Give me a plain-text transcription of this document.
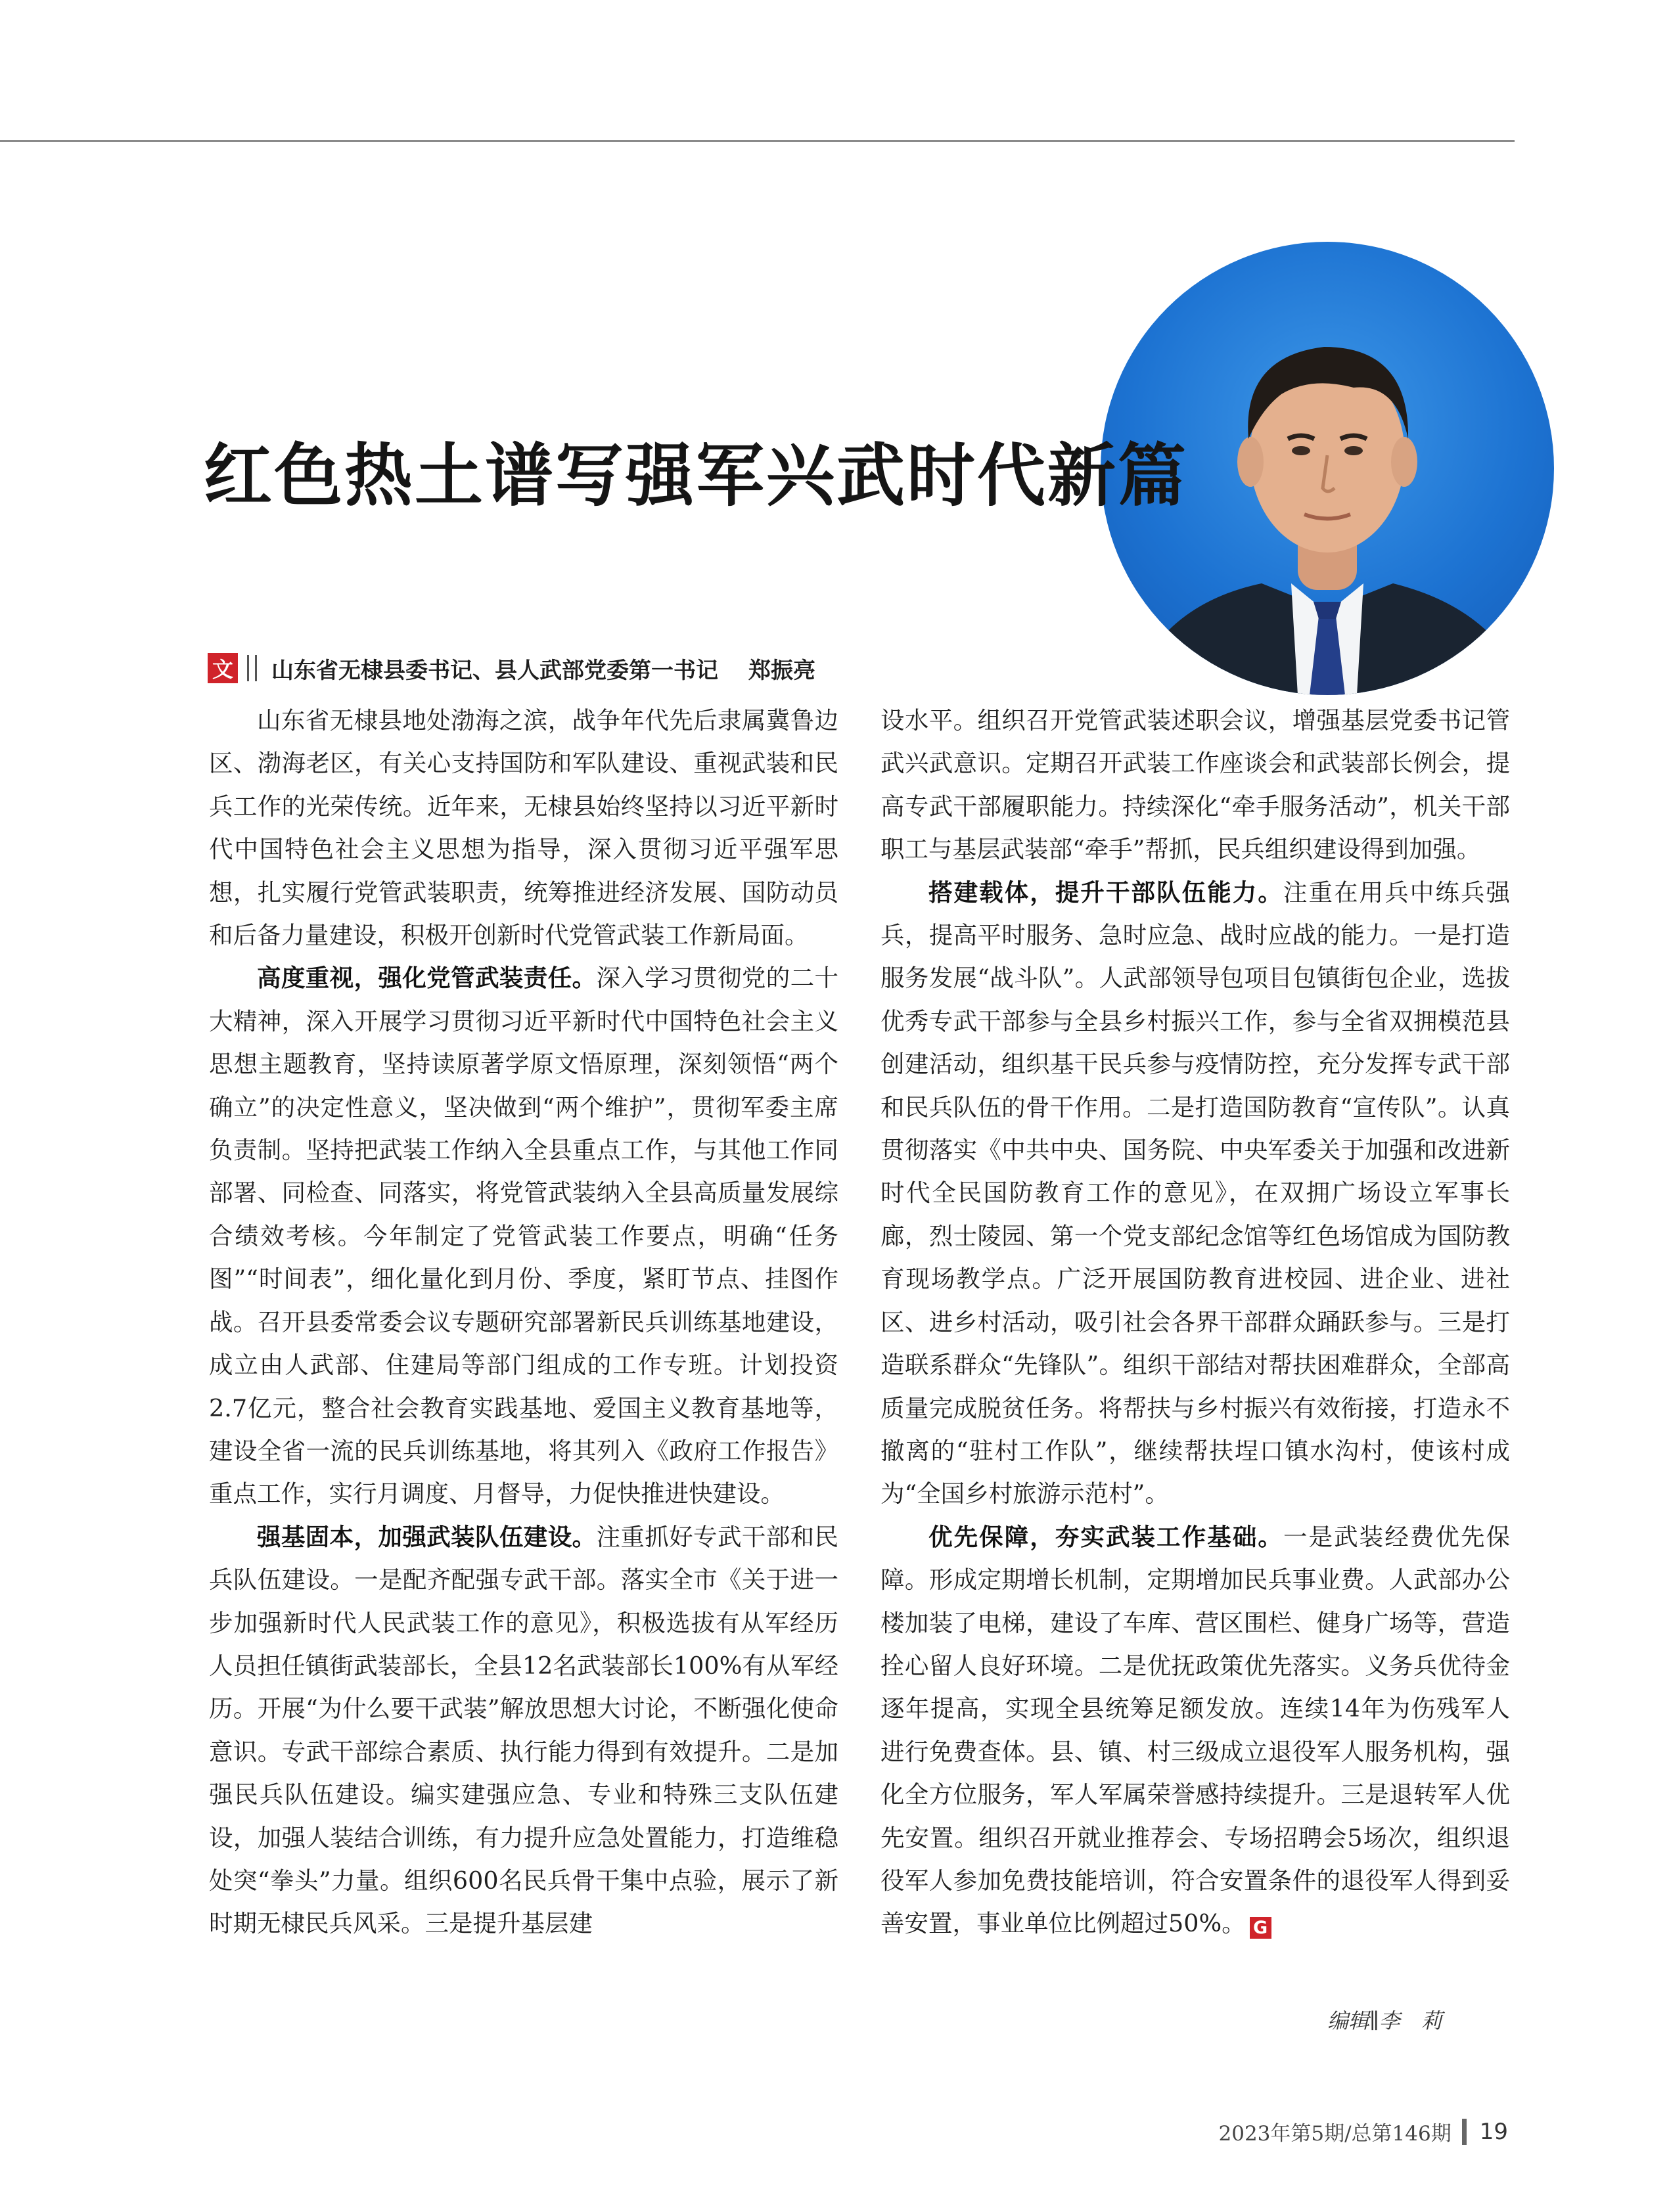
红色热土谱写强军兴武时代新篇
文 山东省无棣县委书记、县人武部党委第一书记 郑振亮

山东省无棣县地处渤海之滨，战争年代先后隶属冀鲁边区、渤海老区，有关心支持国防和军队建设、重视武装和民兵工作的光荣传统。近年来，无棣县始终坚持以习近平新时代中国特色社会主义思想为指导，深入贯彻习近平强军思想，扎实履行党管武装职责，统筹推进经济发展、国防动员和后备力量建设，积极开创新时代党管武装工作新局面。

高度重视，强化党管武装责任。深入学习贯彻党的二十大精神，深入开展学习贯彻习近平新时代中国特色社会主义思想主题教育，坚持读原著学原文悟原理，深刻领悟“两个确立”的决定性意义，坚决做到“两个维护”，贯彻军委主席负责制。坚持把武装工作纳入全县重点工作，与其他工作同部署、同检查、同落实，将党管武装纳入全县高质量发展综合绩效考核。今年制定了党管武装工作要点，明确“任务图”“时间表”，细化量化到月份、季度，紧盯节点、挂图作战。召开县委常委会议专题研究部署新民兵训练基地建设，成立由人武部、住建局等部门组成的工作专班。计划投资2.7亿元，整合社会教育实践基地、爱国主义教育基地等，建设全省一流的民兵训练基地，将其列入《政府工作报告》重点工作，实行月调度、月督导，力促快推进快建设。

强基固本，加强武装队伍建设。注重抓好专武干部和民兵队伍建设。一是配齐配强专武干部。落实全市《关于进一步加强新时代人民武装工作的意见》，积极选拔有从军经历人员担任镇街武装部长，全县12名武装部长100%有从军经历。开展“为什么要干武装”解放思想大讨论，不断强化使命意识。专武干部综合素质、执行能力得到有效提升。二是加强民兵队伍建设。编实建强应急、专业和特殊三支队伍建设，加强人装结合训练，有力提升应急处置能力，打造维稳处突“拳头”力量。组织600名民兵骨干集中点验，展示了新时期无棣民兵风采。三是提升基层建

设水平。组织召开党管武装述职会议，增强基层党委书记管武兴武意识。定期召开武装工作座谈会和武装部长例会，提高专武干部履职能力。持续深化“牵手服务活动”，机关干部职工与基层武装部“牵手”帮抓，民兵组织建设得到加强。

搭建载体，提升干部队伍能力。注重在用兵中练兵强兵，提高平时服务、急时应急、战时应战的能力。一是打造服务发展“战斗队”。人武部领导包项目包镇街包企业，选拔优秀专武干部参与全县乡村振兴工作，参与全省双拥模范县创建活动，组织基干民兵参与疫情防控，充分发挥专武干部和民兵队伍的骨干作用。二是打造国防教育“宣传队”。认真贯彻落实《中共中央、国务院、中央军委关于加强和改进新时代全民国防教育工作的意见》，在双拥广场设立军事长廊，烈士陵园、第一个党支部纪念馆等红色场馆成为国防教育现场教学点。广泛开展国防教育进校园、进企业、进社区、进乡村活动，吸引社会各界干部群众踊跃参与。三是打造联系群众“先锋队”。组织干部结对帮扶困难群众，全部高质量完成脱贫任务。将帮扶与乡村振兴有效衔接，打造永不撤离的“驻村工作队”，继续帮扶埕口镇水沟村，使该村成为“全国乡村旅游示范村”。

优先保障，夯实武装工作基础。一是武装经费优先保障。形成定期增长机制，定期增加民兵事业费。人武部办公楼加装了电梯，建设了车库、营区围栏、健身广场等，营造拴心留人良好环境。二是优抚政策优先落实。义务兵优待金逐年提高，实现全县统筹足额发放。连续14年为伤残军人进行免费查体。县、镇、村三级成立退役军人服务机构，强化全方位服务，军人军属荣誉感持续提升。三是退转军人优先安置。组织召开就业推荐会、专场招聘会5场次，组织退役军人参加免费技能培训，符合安置条件的退役军人得到妥善安置，事业单位比例超过50%。 G

编辑∥李　莉
2023年第5期/总第146期 19
